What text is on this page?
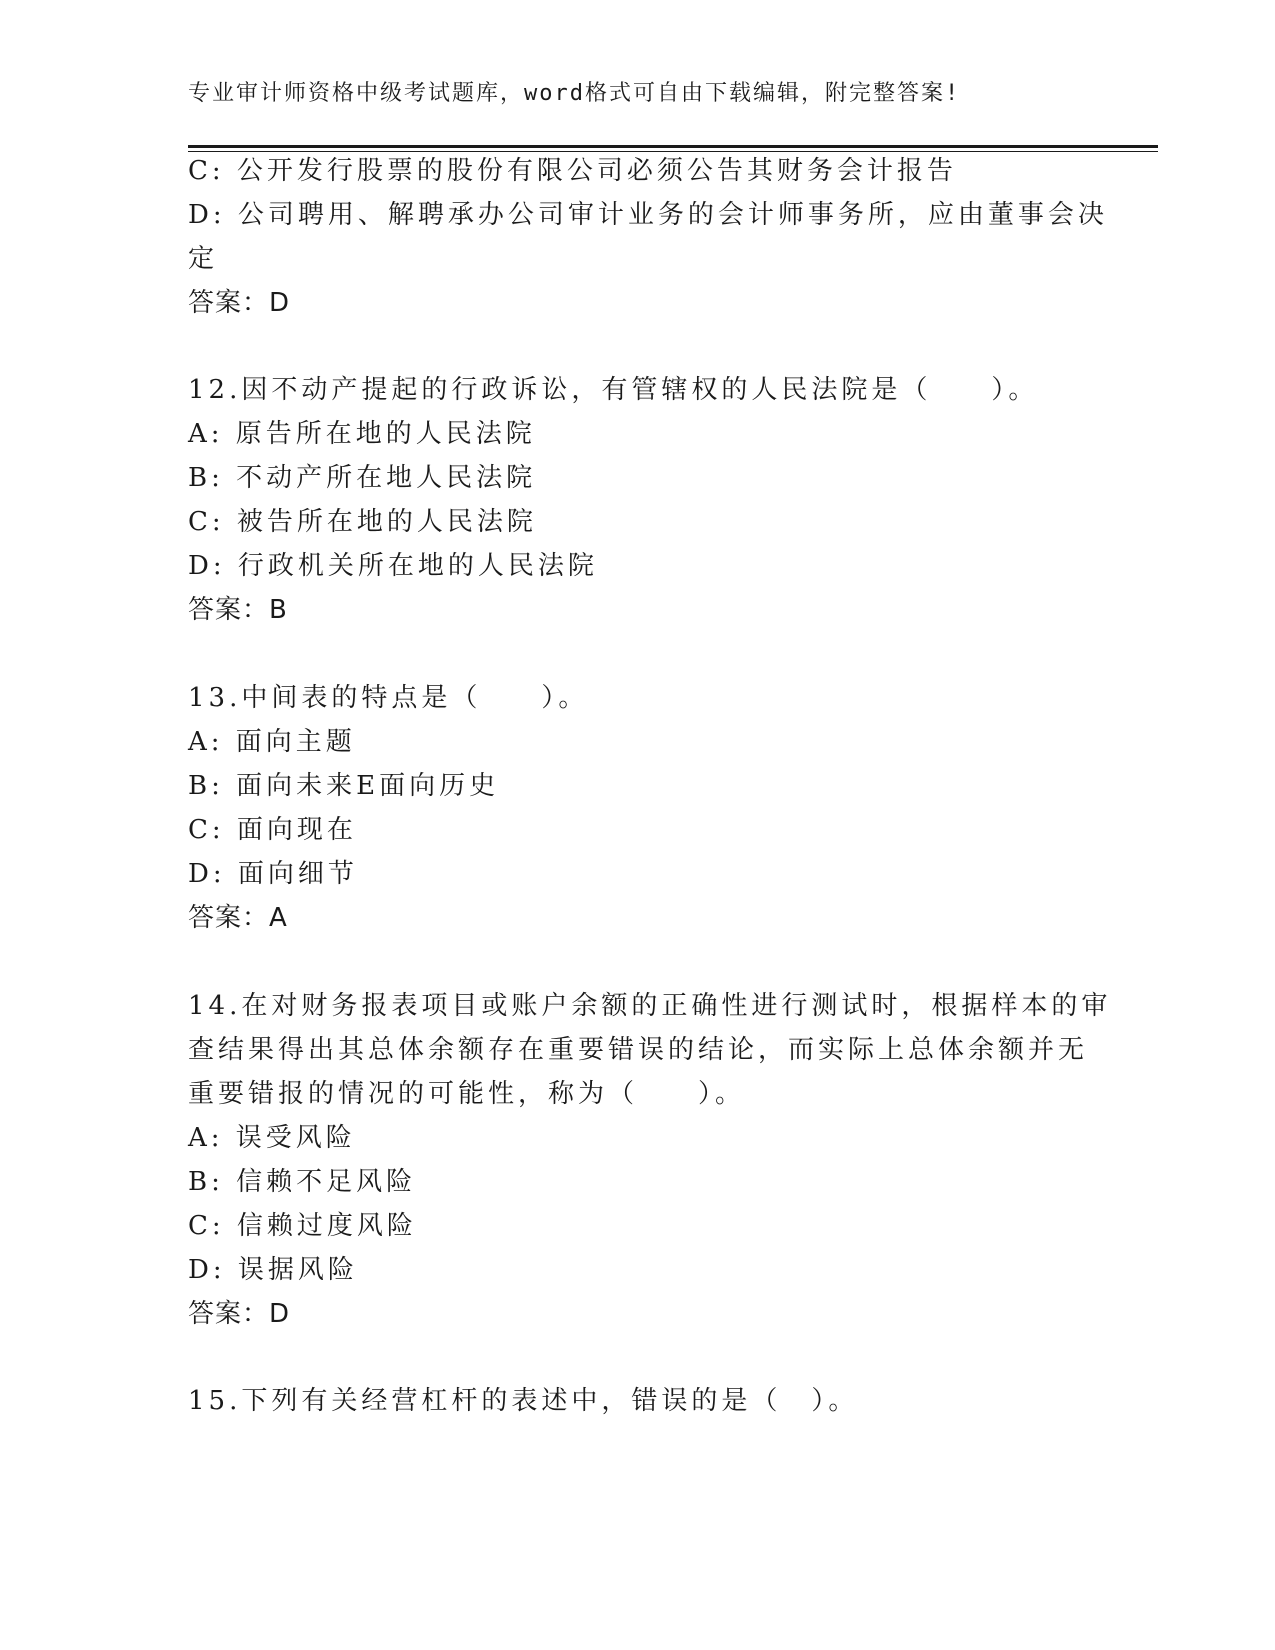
专业审计师资格中级考试题库，word格式可自由下载编辑，附完整答案!
C: 公开发行股票的股份有限公司必须公告其财务会计报告
D: 公司聘用、解聘承办公司审计业务的会计师事务所，应由董事会决
定
答案：D
12.因不动产提起的行政诉讼，有管辖权的人民法院是（　　）。
A: 原告所在地的人民法院
B: 不动产所在地人民法院
C: 被告所在地的人民法院
D: 行政机关所在地的人民法院
答案：B
13.中间表的特点是（　　）。
A: 面向主题
B: 面向未来E面向历史
C: 面向现在
D: 面向细节
答案：A
14.在对财务报表项目或账户余额的正确性进行测试时，根据样本的审
查结果得出其总体余额存在重要错误的结论，而实际上总体余额并无
重要错报的情况的可能性，称为（　　）。
A: 误受风险
B: 信赖不足风险
C: 信赖过度风险
D: 误据风险
答案：D
15.下列有关经营杠杆的表述中，错误的是（　）。
